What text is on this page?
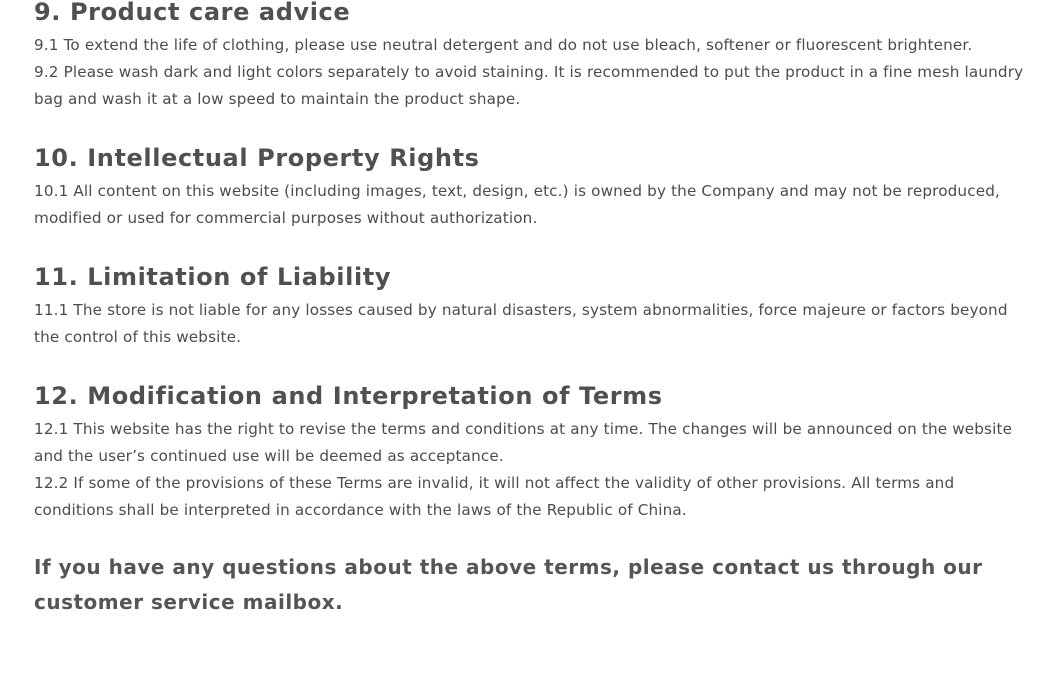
9. Product care advice

9.1 To extend the life of clothing, please use neutral detergent and do not use bleach, softener or fluorescent brightener.

9.2 Please wash dark and light colors separately to avoid staining. It is recommended to put the product in a fine mesh laundry bag and wash it at a low speed to maintain the product shape.

10. Intellectual Property Rights

10.1 All content on this website (including images, text, design, etc.) is owned by the Company and may not be reproduced, modified or used for commercial purposes without authorization.

11. Limitation of Liability

11.1 The store is not liable for any losses caused by natural disasters, system abnormalities, force majeure or factors beyond the control of this website.

12. Modification and Interpretation of Terms

12.1 This website has the right to revise the terms and conditions at any time. The changes will be announced on the website and the user’s continued use will be deemed as acceptance.

12.2 If some of the provisions of these Terms are invalid, it will not affect the validity of other provisions. All terms and conditions shall be interpreted in accordance with the laws of the Republic of China.

If you have any questions about the above terms, please contact us through our customer service mailbox.
